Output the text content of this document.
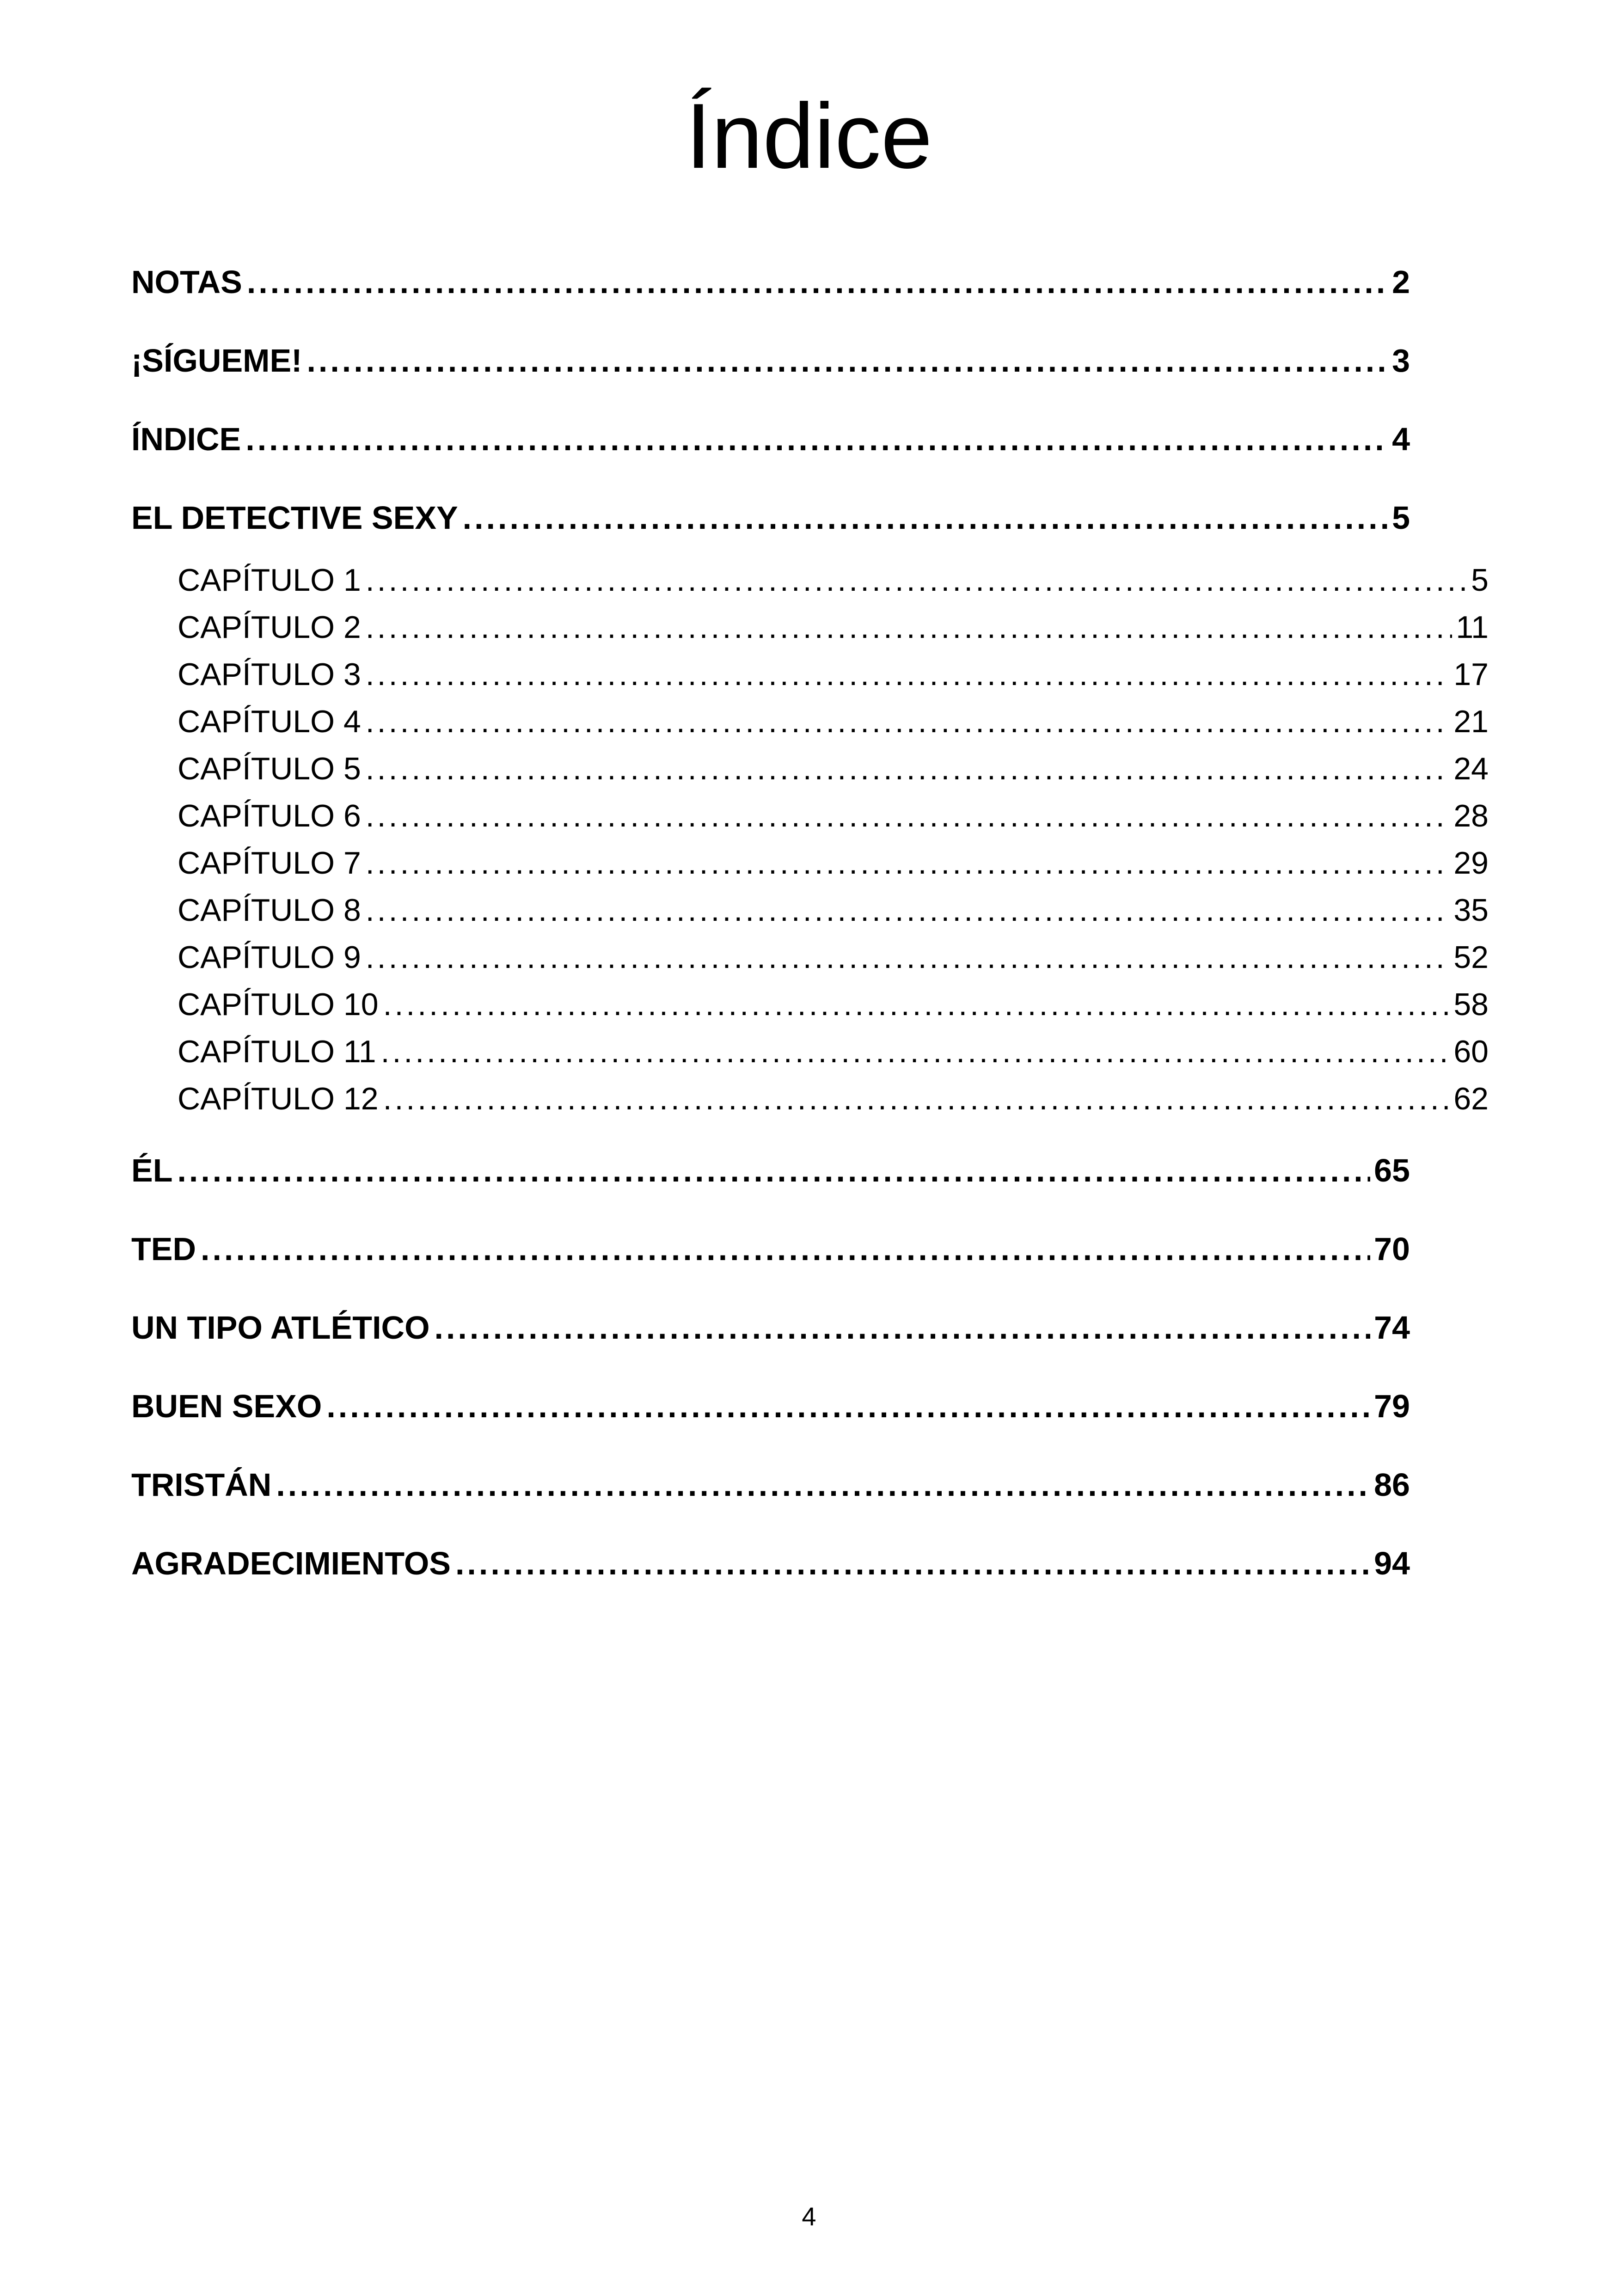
Índice
NOTAS .....	2
¡SÍGUEME! .....	3
ÍNDICE .....	4
EL DETECTIVE SEXY .....	5
CAPÍTULO 1 .....	5
CAPÍTULO 2 .....	11
CAPÍTULO 3 .....	17
CAPÍTULO 4 .....	21
CAPÍTULO 5 .....	24
CAPÍTULO 6 .....	28
CAPÍTULO 7 .....	29
CAPÍTULO 8 .....	35
CAPÍTULO 9 .....	52
CAPÍTULO 10 .....	58
CAPÍTULO 11 .....	60
CAPÍTULO 12 .....	62
ÉL .....	65
TED .....	70
UN TIPO ATLÉTICO .....	74
BUEN SEXO .....	79
TRISTÁN .....	86
AGRADECIMIENTOS .....	94
4
